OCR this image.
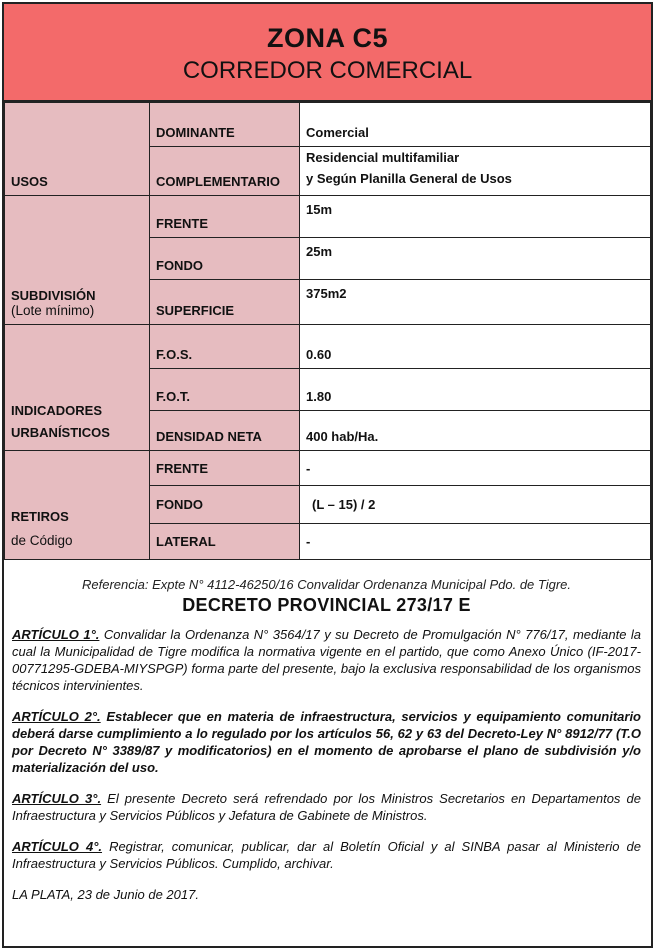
ZONA C5
CORREDOR COMERCIAL
USOS	DOMINANTE	Comercial
	COMPLEMENTARIO	Residencial multifamiliar
y Según Planilla General de Usos

SUBDIVISIÓN
(Lote mínimo)	FRENTE	15m
	FONDO	25m
	SUPERFICIE	375m2

INDICADORES
URBANÍSTICOS	F.O.S.	0.60
	F.O.T.	1.80
	DENSIDAD NETA	400 hab/Ha.

RETIROS
de Código	FRENTE	-
	FONDO	(L – 15) / 2
	LATERAL	-
Referencia: Expte N° 4112-46250/16 Convalidar Ordenanza Municipal Pdo. de Tigre.
DECRETO PROVINCIAL 273/17 E
ARTÍCULO 1°. Convalidar la Ordenanza N° 3564/17 y su Decreto de Promulgación N° 776/17, mediante la cual la Municipalidad de Tigre modifica la normativa vigente en el partido, que como Anexo Único (IF-2017-00771295-GDEBA-MIYSPGP) forma parte del presente, bajo la exclusiva responsabilidad de los organismos técnicos intervinientes.
ARTÍCULO 2°. Establecer que en materia de infraestructura, servicios y equipamiento comunitario deberá darse cumplimiento a lo regulado por los artículos 56, 62 y 63 del Decreto-Ley N° 8912/77 (T.O por Decreto N° 3389/87 y modificatorios) en el momento de aprobarse el plano de subdivisión y/o materialización del uso.
ARTÍCULO 3°. El presente Decreto será refrendado por los Ministros Secretarios en Departamentos de Infraestructura y Servicios Públicos y Jefatura de Gabinete de Ministros.
ARTÍCULO 4°. Registrar, comunicar, publicar, dar al Boletín Oficial y al SINBA pasar al Ministerio de Infraestructura y Servicios Públicos. Cumplido, archivar.
LA PLATA, 23 de Junio de 2017.
